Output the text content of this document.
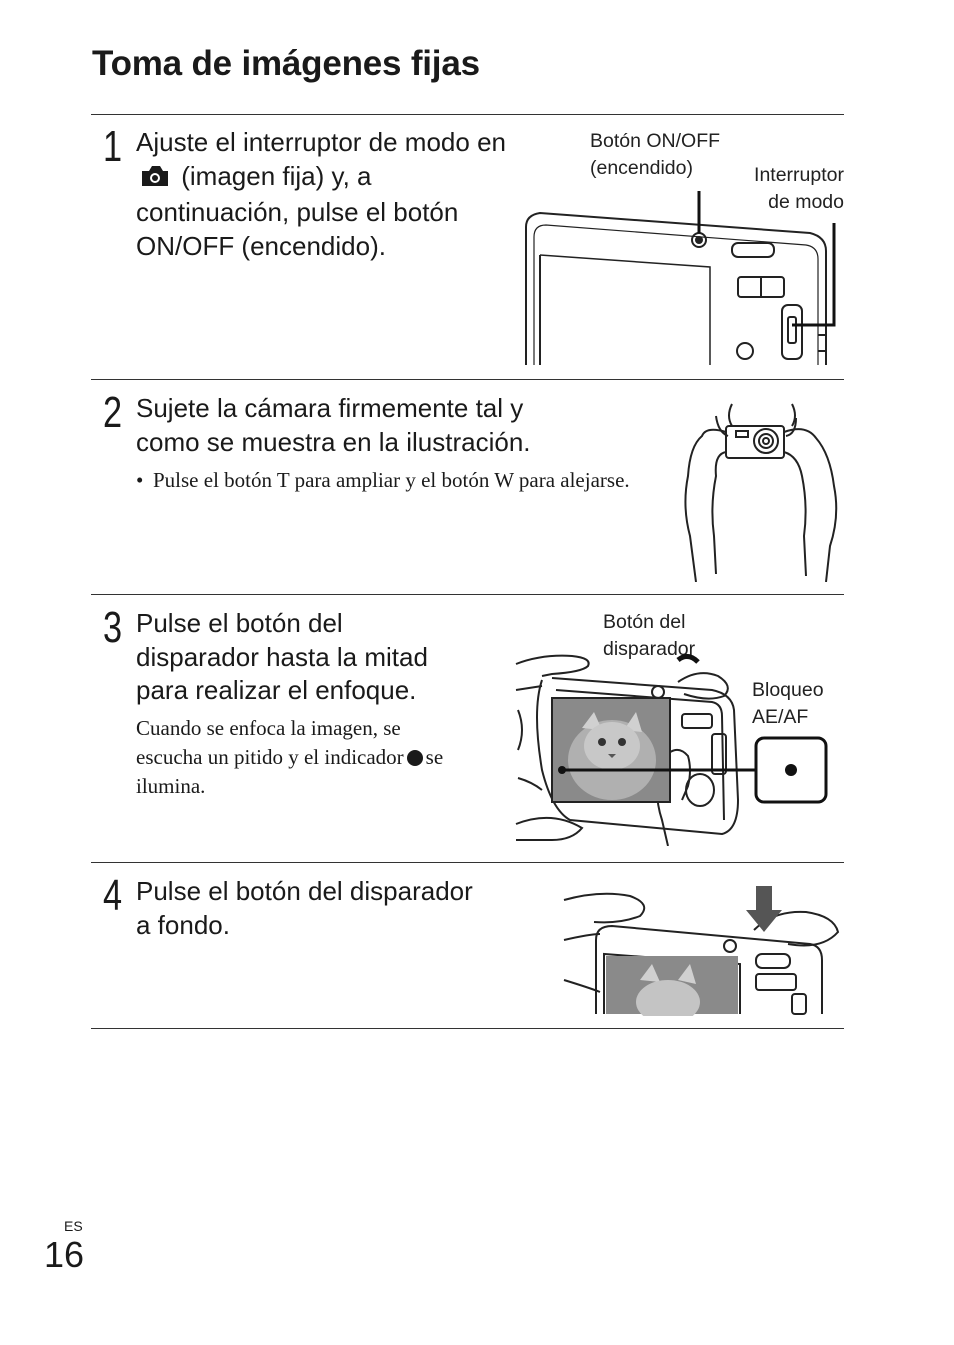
Toma de imágenes fijas
1 Ajuste el interruptor de modo en  (imagen fija) y, a continuación, pulse el botón ON/OFF (encendido).
Botón ON/OFF
(encendido)	Interruptor
de modo
2 Sujete la cámara firmemente tal y
como se muestra en la ilustración.
• Pulse el botón T para ampliar y el botón W para alejarse.
3 Pulse el botón del
disparador hasta la mitad
para realizar el enfoque.
Cuando se enfoca la imagen, se
escucha un pitido y el indicador se
ilumina.
Botón del
disparador
Bloqueo
AE/AF
4 Pulse el botón del disparador
a fondo.
ES
16
